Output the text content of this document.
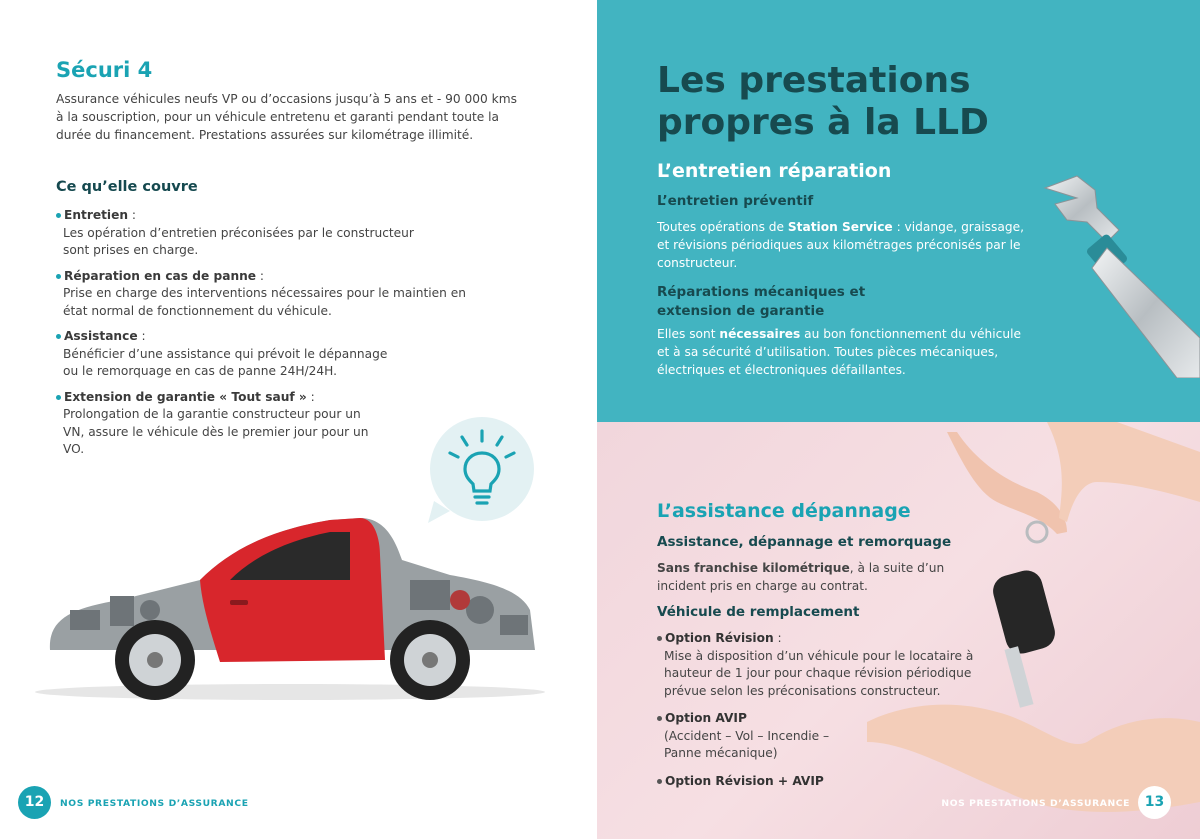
Sécuri 4

Assurance véhicules neufs VP ou d’occasions jusqu’à 5 ans et - 90 000 kms à la souscription, pour un véhicule entretenu et garanti pendant toute la durée du financement. Prestations assurées sur kilométrage illimité.

Ce qu’elle couvre
Entretien :
Les opération d’entretien préconisées par le constructeur sont prises en charge.
Réparation en cas de panne :
Prise en charge des interventions nécessaires pour le maintien en état normal de fonctionnement du véhicule.
Assistance :
Bénéficier d’une assistance qui prévoit le dépannage ou le remorquage en cas de panne 24H/24H.
Extension de garantie « Tout sauf » :
Prolongation de la garantie constructeur pour un VN, assure le véhicule dès le premier jour pour un VO.
12	NOS PRESTATIONS D’ASSURANCE
Les prestations
propres à la LLD
L’entretien réparation
L’entretien préventif

Toutes opérations de Station Service : vidange, graissage, et révisions périodiques aux kilométrages préconisés par le constructeur.

Réparations mécaniques et
extension de garantie

Elles sont nécessaires au bon fonctionnement du véhicule et à sa sécurité d’utilisation. Toutes pièces mécaniques, électriques et électroniques défaillantes.

L’assistance dépannage
Assistance, dépannage et remorquage

Sans franchise kilométrique, à la suite d’un incident pris en charge au contrat.

Véhicule de remplacement
Option Révision :
Mise à disposition d’un véhicule pour le locataire à hauteur de 1 jour pour chaque révision périodique prévue selon les préconisations constructeur.
Option AVIP
(Accident – Vol – Incendie – Panne mécanique)
Option Révision + AVIP
NOS PRESTATIONS D’ASSURANCE	13
